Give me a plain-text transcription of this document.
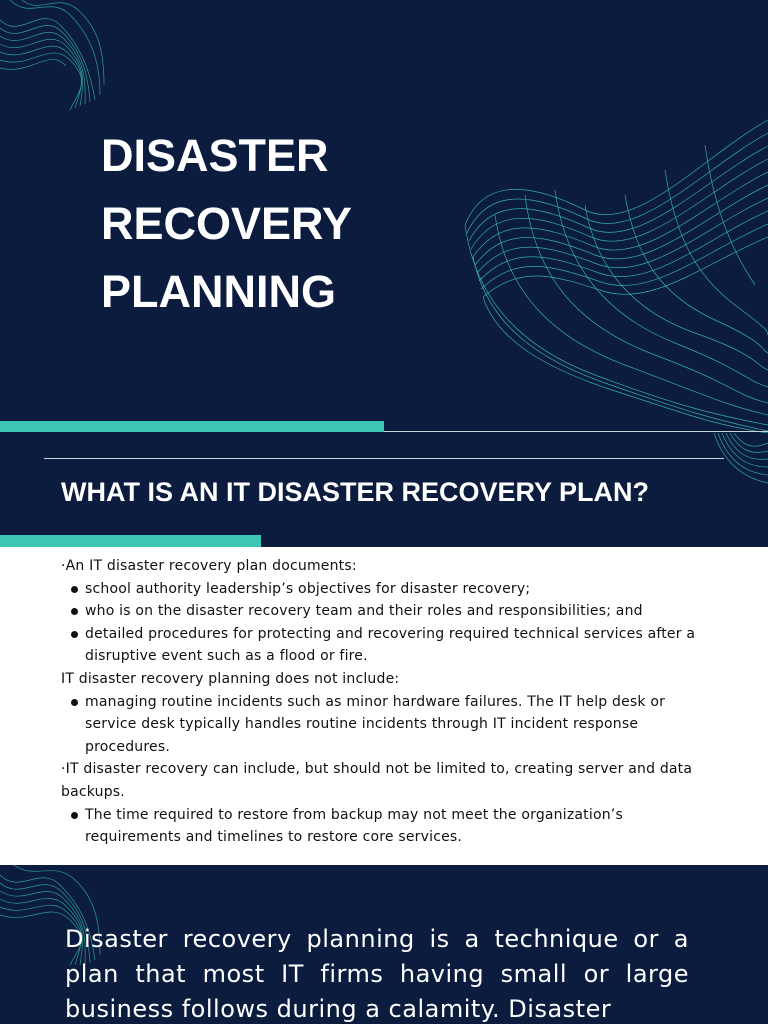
DISASTER
RECOVERY
PLANNING
WHAT IS AN IT DISASTER RECOVERY PLAN?

·An IT disaster recovery plan documents:

school authority leadership’s objectives for disaster recovery;
who is on the disaster recovery team and their roles and responsibilities; and
detailed procedures for protecting and recovering required technical services after a disruptive event such as a flood or fire.

IT disaster recovery planning does not include:

managing routine incidents such as minor hardware failures. The IT help desk or service desk typically handles routine incidents through IT incident response procedures.

·IT disaster recovery can include, but should not be limited to, creating server and data backups.

The time required to restore from backup may not meet the organization’s requirements and timelines to restore core services.

Disaster recovery planning is a technique or a plan that most IT firms having small or large business follows during a calamity. Disaster
